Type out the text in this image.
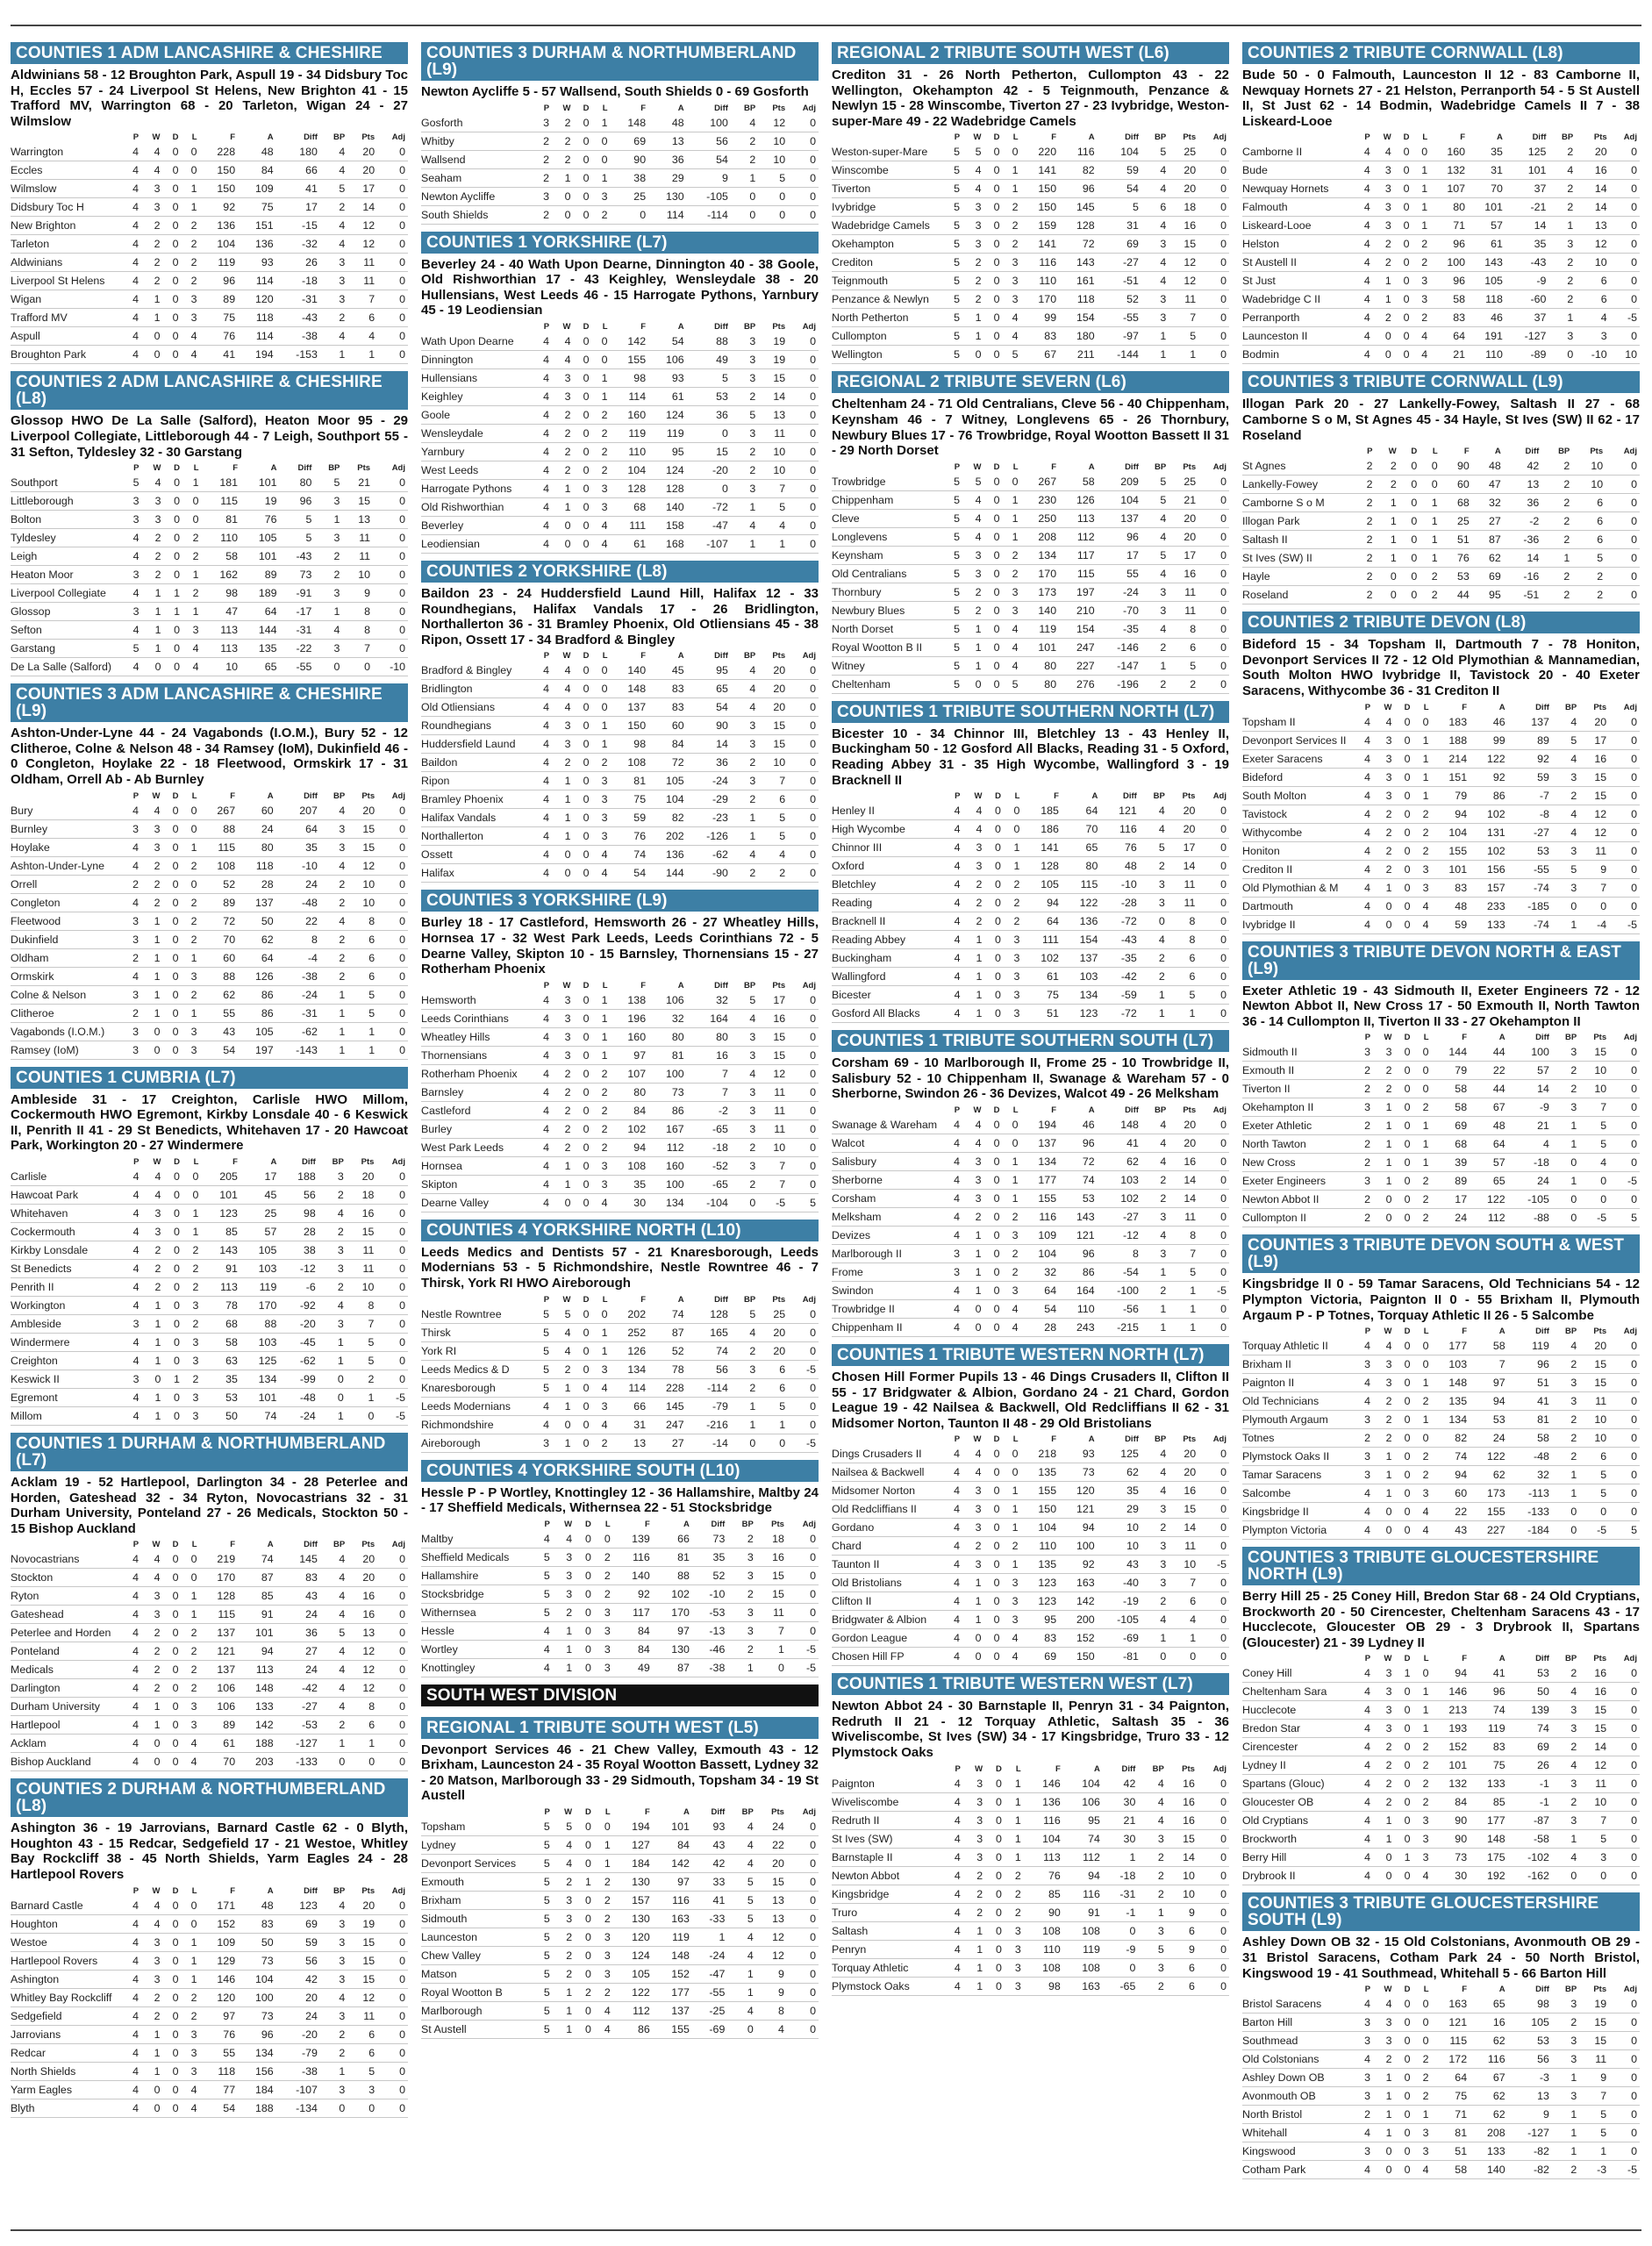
COUNTIES 1 ADM LANCASHIRE & CHESHIRE
Aldwinians 58 - 12 Broughton Park, Aspull 19 - 34 Didsbury Toc H, Eccles 57 - 24 Liverpool St Helens, New Brighton 41 - 15 Trafford MV, Warrington 68 - 20 Tarleton, Wigan 24 - 27 Wilmslow
	P	W	D	L	F	A	Diff	BP	Pts	Adj
Warrington	4	4	0	0	228	48	180	4	20	0
Eccles	4	4	0	0	150	84	66	4	20	0
Wilmslow	4	3	0	1	150	109	41	5	17	0
Didsbury Toc H	4	3	0	1	92	75	17	2	14	0
New Brighton	4	2	0	2	136	151	-15	4	12	0
Tarleton	4	2	0	2	104	136	-32	4	12	0
Aldwinians	4	2	0	2	119	93	26	3	11	0
Liverpool St Helens	4	2	0	2	96	114	-18	3	11	0
Wigan	4	1	0	3	89	120	-31	3	7	0
Trafford MV	4	1	0	3	75	118	-43	2	6	0
Aspull	4	0	0	4	76	114	-38	4	4	0
Broughton Park	4	0	0	4	41	194	-153	1	1	0
COUNTIES 2 ADM LANCASHIRE & CHESHIRE (L8)
Glossop HWO De La Salle (Salford), Heaton Moor 95 - 29 Liverpool Collegiate, Littleborough 44 - 7 Leigh, Southport 55 - 31 Sefton, Tyldesley 32 - 30 Garstang
	P	W	D	L	F	A	Diff	BP	Pts	Adj
Southport	5	4	0	1	181	101	80	5	21	0
Littleborough	3	3	0	0	115	19	96	3	15	0
Bolton	3	3	0	0	81	76	5	1	13	0
Tyldesley	4	2	0	2	110	105	5	3	11	0
Leigh	4	2	0	2	58	101	-43	2	11	0
Heaton Moor	3	2	0	1	162	89	73	2	10	0
Liverpool Collegiate	4	1	1	2	98	189	-91	3	9	0
Glossop	3	1	1	1	47	64	-17	1	8	0
Sefton	4	1	0	3	113	144	-31	4	8	0
Garstang	5	1	0	4	113	135	-22	3	7	0
De La Salle (Salford)	4	0	0	4	10	65	-55	0	0	-10
COUNTIES 3 ADM LANCASHIRE & CHESHIRE (L9)
Ashton-Under-Lyne 44 - 24 Vagabonds (I.O.M.), Bury 52 - 12 Clitheroe, Colne & Nelson 48 - 34 Ramsey (IoM), Dukinfield 46 - 0 Congleton, Hoylake 22 - 18 Fleetwood, Ormskirk 17 - 31 Oldham, Orrell Ab - Ab Burnley
	P	W	D	L	F	A	Diff	BP	Pts	Adj
Bury	4	4	0	0	267	60	207	4	20	0
Burnley	3	3	0	0	88	24	64	3	15	0
Hoylake	4	3	0	1	115	80	35	3	15	0
Ashton-Under-Lyne	4	2	0	2	108	118	-10	4	12	0
Orrell	2	2	0	0	52	28	24	2	10	0
Congleton	4	2	0	2	89	137	-48	2	10	0
Fleetwood	3	1	0	2	72	50	22	4	8	0
Dukinfield	3	1	0	2	70	62	8	2	6	0
Oldham	2	1	0	1	60	64	-4	2	6	0
Ormskirk	4	1	0	3	88	126	-38	2	6	0
Colne & Nelson	3	1	0	2	62	86	-24	1	5	0
Clitheroe	2	1	0	1	55	86	-31	1	5	0
Vagabonds (I.O.M.)	3	0	0	3	43	105	-62	1	1	0
Ramsey (IoM)	3	0	0	3	54	197	-143	1	1	0
COUNTIES 1 CUMBRIA (L7)
Ambleside 31 - 17 Creighton, Carlisle HWO Millom, Cockermouth HWO Egremont, Kirkby Lonsdale 40 - 6 Keswick II, Penrith II 41 - 29 St Benedicts, Whitehaven 17 - 20 Hawcoat Park, Workington 20 - 27 Windermere
	P	W	D	L	F	A	Diff	BP	Pts	Adj
Carlisle	4	4	0	0	205	17	188	3	20	0
Hawcoat Park	4	4	0	0	101	45	56	2	18	0
Whitehaven	4	3	0	1	123	25	98	4	16	0
Cockermouth	4	3	0	1	85	57	28	2	15	0
Kirkby Lonsdale	4	2	0	2	143	105	38	3	11	0
St Benedicts	4	2	0	2	91	103	-12	3	11	0
Penrith II	4	2	0	2	113	119	-6	2	10	0
Workington	4	1	0	3	78	170	-92	4	8	0
Ambleside	3	1	0	2	68	88	-20	3	7	0
Windermere	4	1	0	3	58	103	-45	1	5	0
Creighton	4	1	0	3	63	125	-62	1	5	0
Keswick II	3	0	1	2	35	134	-99	0	2	0
Egremont	4	1	0	3	53	101	-48	0	1	-5
Millom	4	1	0	3	50	74	-24	1	0	-5
COUNTIES 1 DURHAM & NORTHUMBERLAND (L7)
Acklam 19 - 52 Hartlepool, Darlington 34 - 28 Peterlee and Horden, Gateshead 32 - 34 Ryton, Novocastrians 32 - 31 Durham University, Ponteland 27 - 26 Medicals, Stockton 50 - 15 Bishop Auckland
	P	W	D	L	F	A	Diff	BP	Pts	Adj
Novocastrians	4	4	0	0	219	74	145	4	20	0
Stockton	4	4	0	0	170	87	83	4	20	0
Ryton	4	3	0	1	128	85	43	4	16	0
Gateshead	4	3	0	1	115	91	24	4	16	0
Peterlee and Horden	4	2	0	2	137	101	36	5	13	0
Ponteland	4	2	0	2	121	94	27	4	12	0
Medicals	4	2	0	2	137	113	24	4	12	0
Darlington	4	2	0	2	106	148	-42	4	12	0
Durham University	4	1	0	3	106	133	-27	4	8	0
Hartlepool	4	1	0	3	89	142	-53	2	6	0
Acklam	4	0	0	4	61	188	-127	1	1	0
Bishop Auckland	4	0	0	4	70	203	-133	0	0	0
COUNTIES 2 DURHAM & NORTHUMBERLAND (L8)
Ashington 36 - 19 Jarrovians, Barnard Castle 62 - 0 Blyth, Houghton 43 - 15 Redcar, Sedgefield 17 - 21 Westoe, Whitley Bay Rockcliff 38 - 45 North Shields, Yarm Eagles 24 - 28 Hartlepool Rovers
	P	W	D	L	F	A	Diff	BP	Pts	Adj
Barnard Castle	4	4	0	0	171	48	123	4	20	0
Houghton	4	4	0	0	152	83	69	3	19	0
Westoe	4	3	0	1	109	50	59	3	15	0
Hartlepool Rovers	4	3	0	1	129	73	56	3	15	0
Ashington	4	3	0	1	146	104	42	3	15	0
Whitley Bay Rockcliff	4	2	0	2	120	100	20	4	12	0
Sedgefield	4	2	0	2	97	73	24	3	11	0
Jarrovians	4	1	0	3	76	96	-20	2	6	0
Redcar	4	1	0	3	55	134	-79	2	6	0
North Shields	4	1	0	3	118	156	-38	1	5	0
Yarm Eagles	4	0	0	4	77	184	-107	3	3	0
Blyth	4	0	0	4	54	188	-134	0	0	0
COUNTIES 3 DURHAM & NORTHUMBERLAND (L9)
Newton Aycliffe 5 - 57 Wallsend, South Shields 0 - 69 Gosforth
	P	W	D	L	F	A	Diff	BP	Pts	Adj
Gosforth	3	2	0	1	148	48	100	4	12	0
Whitby	2	2	0	0	69	13	56	2	10	0
Wallsend	2	2	0	0	90	36	54	2	10	0
Seaham	2	1	0	1	38	29	9	1	5	0
Newton Aycliffe	3	0	0	3	25	130	-105	0	0	0
South Shields	2	0	0	2	0	114	-114	0	0	0
COUNTIES 1 YORKSHIRE (L7)
Beverley 24 - 40 Wath Upon Dearne, Dinnington 40 - 38 Goole, Old Rishworthian 17 - 43 Keighley, Wensleydale 38 - 20 Hullensians, West Leeds 46 - 15 Harrogate Pythons, Yarnbury 45 - 19 Leodiensian
	P	W	D	L	F	A	Diff	BP	Pts	Adj
Wath Upon Dearne	4	4	0	0	142	54	88	3	19	0
Dinnington	4	4	0	0	155	106	49	3	19	0
Hullensians	4	3	0	1	98	93	5	3	15	0
Keighley	4	3	0	1	114	61	53	2	14	0
Goole	4	2	0	2	160	124	36	5	13	0
Wensleydale	4	2	0	2	119	119	0	3	11	0
Yarnbury	4	2	0	2	110	95	15	2	10	0
West Leeds	4	2	0	2	104	124	-20	2	10	0
Harrogate Pythons	4	1	0	3	128	128	0	3	7	0
Old Rishworthian	4	1	0	3	68	140	-72	1	5	0
Beverley	4	0	0	4	111	158	-47	4	4	0
Leodiensian	4	0	0	4	61	168	-107	1	1	0
COUNTIES 2 YORKSHIRE (L8)
Baildon 23 - 24 Huddersfield Laund Hill, Halifax 12 - 33 Roundhegians, Halifax Vandals 17 - 26 Bridlington, Northallerton 36 - 31 Bramley Phoenix, Old Otliensians 45 - 38 Ripon, Ossett 17 - 34 Bradford & Bingley
	P	W	D	L	F	A	Diff	BP	Pts	Adj
Bradford & Bingley	4	4	0	0	140	45	95	4	20	0
Bridlington	4	4	0	0	148	83	65	4	20	0
Old Otliensians	4	4	0	0	137	83	54	4	20	0
Roundhegians	4	3	0	1	150	60	90	3	15	0
Huddersfield Laund	4	3	0	1	98	84	14	3	15	0
Baildon	4	2	0	2	108	72	36	2	10	0
Ripon	4	1	0	3	81	105	-24	3	7	0
Bramley Phoenix	4	1	0	3	75	104	-29	2	6	0
Halifax Vandals	4	1	0	3	59	82	-23	1	5	0
Northallerton	4	1	0	3	76	202	-126	1	5	0
Ossett	4	0	0	4	74	136	-62	4	4	0
Halifax	4	0	0	4	54	144	-90	2	2	0
COUNTIES 3 YORKSHIRE (L9)
Burley 18 - 17 Castleford, Hemsworth 26 - 27 Wheatley Hills, Hornsea 17 - 32 West Park Leeds, Leeds Corinthians 72 - 5 Dearne Valley, Skipton 10 - 15 Barnsley, Thornensians 15 - 27 Rotherham Phoenix
	P	W	D	L	F	A	Diff	BP	Pts	Adj
Hemsworth	4	3	0	1	138	106	32	5	17	0
Leeds Corinthians	4	3	0	1	196	32	164	4	16	0
Wheatley Hills	4	3	0	1	160	80	80	3	15	0
Thornensians	4	3	0	1	97	81	16	3	15	0
Rotherham Phoenix	4	2	0	2	107	100	7	4	12	0
Barnsley	4	2	0	2	80	73	7	3	11	0
Castleford	4	2	0	2	84	86	-2	3	11	0
Burley	4	2	0	2	102	167	-65	3	11	0
West Park Leeds	4	2	0	2	94	112	-18	2	10	0
Hornsea	4	1	0	3	108	160	-52	3	7	0
Skipton	4	1	0	3	35	100	-65	2	7	0
Dearne Valley	4	0	0	4	30	134	-104	0	-5	5
COUNTIES 4 YORKSHIRE NORTH (L10)
Leeds Medics and Dentists 57 - 21 Knaresborough, Leeds Modernians 53 - 5 Richmondshire, Nestle Rowntree 46 - 7 Thirsk, York RI HWO Aireborough
	P	W	D	L	F	A	Diff	BP	Pts	Adj
Nestle Rowntree	5	5	0	0	202	74	128	5	25	0
Thirsk	5	4	0	1	252	87	165	4	20	0
York RI	5	4	0	1	126	52	74	2	20	0
Leeds Medics & D	5	2	0	3	134	78	56	3	6	-5
Knaresborough	5	1	0	4	114	228	-114	2	6	0
Leeds Modernians	4	1	0	3	66	145	-79	1	5	0
Richmondshire	4	0	0	4	31	247	-216	1	1	0
Aireborough	3	1	0	2	13	27	-14	0	0	-5
COUNTIES 4 YORKSHIRE SOUTH (L10)
Hessle P - P Wortley, Knottingley 12 - 36 Hallamshire, Maltby 24 - 17 Sheffield Medicals, Withernsea 22 - 51 Stocksbridge
	P	W	D	L	F	A	Diff	BP	Pts	Adj
Maltby	4	4	0	0	139	66	73	2	18	0
Sheffield Medicals	5	3	0	2	116	81	35	3	16	0
Hallamshire	5	3	0	2	140	88	52	3	15	0
Stocksbridge	5	3	0	2	92	102	-10	2	15	0
Withernsea	5	2	0	3	117	170	-53	3	11	0
Hessle	4	1	0	3	84	97	-13	3	7	0
Wortley	4	1	0	3	84	130	-46	2	1	-5
Knottingley	4	1	0	3	49	87	-38	1	0	-5
SOUTH WEST DIVISION
REGIONAL 1 TRIBUTE SOUTH WEST (L5)
Devonport Services 46 - 21 Chew Valley, Exmouth 43 - 12 Brixham, Launceston 24 - 35 Royal Wootton Bassett, Lydney 32 - 20 Matson, Marlborough 33 - 29 Sidmouth, Topsham 34 - 19 St Austell
	P	W	D	L	F	A	Diff	BP	Pts	Adj
Topsham	5	5	0	0	194	101	93	4	24	0
Lydney	5	4	0	1	127	84	43	4	22	0
Devonport Services	5	4	0	1	184	142	42	4	20	0
Exmouth	5	2	1	2	130	97	33	5	15	0
Brixham	5	3	0	2	157	116	41	5	13	0
Sidmouth	5	3	0	2	130	163	-33	5	13	0
Launceston	5	2	0	3	120	119	1	4	12	0
Chew Valley	5	2	0	3	124	148	-24	4	12	0
Matson	5	2	0	3	105	152	-47	1	9	0
Royal Wootton B	5	1	2	2	122	177	-55	1	9	0
Marlborough	5	1	0	4	112	137	-25	4	8	0
St Austell	5	1	0	4	86	155	-69	0	4	0
REGIONAL 2 TRIBUTE SOUTH WEST (L6)
Crediton 31 - 26 North Petherton, Cullompton 43 - 22 Wellington, Okehampton 42 - 5 Teignmouth, Penzance & Newlyn 15 - 28 Winscombe, Tiverton 27 - 23 Ivybridge, Weston-super-Mare 49 - 22 Wadebridge Camels
	P	W	D	L	F	A	Diff	BP	Pts	Adj
Weston-super-Mare	5	5	0	0	220	116	104	5	25	0
Winscombe	5	4	0	1	141	82	59	4	20	0
Tiverton	5	4	0	1	150	96	54	4	20	0
Ivybridge	5	3	0	2	150	145	5	6	18	0
Wadebridge Camels	5	3	0	2	159	128	31	4	16	0
Okehampton	5	3	0	2	141	72	69	3	15	0
Crediton	5	2	0	3	116	143	-27	4	12	0
Teignmouth	5	2	0	3	110	161	-51	4	12	0
Penzance & Newlyn	5	2	0	3	170	118	52	3	11	0
North Petherton	5	1	0	4	99	154	-55	3	7	0
Cullompton	5	1	0	4	83	180	-97	1	5	0
Wellington	5	0	0	5	67	211	-144	1	1	0
REGIONAL 2 TRIBUTE SEVERN (L6)
Cheltenham 24 - 71 Old Centralians, Cleve 56 - 40 Chippenham, Keynsham 46 - 7 Witney, Longlevens 65 - 26 Thornbury, Newbury Blues 17 - 76 Trowbridge, Royal Wootton Bassett II 31 - 29 North Dorset
	P	W	D	L	F	A	Diff	BP	Pts	Adj
Trowbridge	5	5	0	0	267	58	209	5	25	0
Chippenham	5	4	0	1	230	126	104	5	21	0
Cleve	5	4	0	1	250	113	137	4	20	0
Longlevens	5	4	0	1	208	112	96	4	20	0
Keynsham	5	3	0	2	134	117	17	5	17	0
Old Centralians	5	3	0	2	170	115	55	4	16	0
Thornbury	5	2	0	3	173	197	-24	3	11	0
Newbury Blues	5	2	0	3	140	210	-70	3	11	0
North Dorset	5	1	0	4	119	154	-35	4	8	0
Royal Wootton B II	5	1	0	4	101	247	-146	2	6	0
Witney	5	1	0	4	80	227	-147	1	5	0
Cheltenham	5	0	0	5	80	276	-196	2	2	0
COUNTIES 1 TRIBUTE SOUTHERN NORTH (L7)
Bicester 10 - 34 Chinnor III, Bletchley 13 - 43 Henley II, Buckingham 50 - 12 Gosford All Blacks, Reading 31 - 5 Oxford, Reading Abbey 31 - 35 High Wycombe, Wallingford 3 - 19 Bracknell II
	P	W	D	L	F	A	Diff	BP	Pts	Adj
Henley II	4	4	0	0	185	64	121	4	20	0
High Wycombe	4	4	0	0	186	70	116	4	20	0
Chinnor III	4	3	0	1	141	65	76	5	17	0
Oxford	4	3	0	1	128	80	48	2	14	0
Bletchley	4	2	0	2	105	115	-10	3	11	0
Reading	4	2	0	2	94	122	-28	3	11	0
Bracknell II	4	2	0	2	64	136	-72	0	8	0
Reading Abbey	4	1	0	3	111	154	-43	4	8	0
Buckingham	4	1	0	3	102	137	-35	2	6	0
Wallingford	4	1	0	3	61	103	-42	2	6	0
Bicester	4	1	0	3	75	134	-59	1	5	0
Gosford All Blacks	4	1	0	3	51	123	-72	1	1	0
COUNTIES 1 TRIBUTE SOUTHERN SOUTH (L7)
Corsham 69 - 10 Marlborough II, Frome 25 - 10 Trowbridge II, Salisbury 52 - 10 Chippenham II, Swanage & Wareham 57 - 0 Sherborne, Swindon 26 - 36 Devizes, Walcot 49 - 26 Melksham
	P	W	D	L	F	A	Diff	BP	Pts	Adj
Swanage & Wareham	4	4	0	0	194	46	148	4	20	0
Walcot	4	4	0	0	137	96	41	4	20	0
Salisbury	4	3	0	1	134	72	62	4	16	0
Sherborne	4	3	0	1	177	74	103	2	14	0
Corsham	4	3	0	1	155	53	102	2	14	0
Melksham	4	2	0	2	116	143	-27	3	11	0
Devizes	4	1	0	3	109	121	-12	4	8	0
Marlborough II	3	1	0	2	104	96	8	3	7	0
Frome	3	1	0	2	32	86	-54	1	5	0
Swindon	4	1	0	3	64	164	-100	2	1	-5
Trowbridge II	4	0	0	4	54	110	-56	1	1	0
Chippenham II	4	0	0	4	28	243	-215	1	1	0
COUNTIES 1 TRIBUTE WESTERN NORTH (L7)
Chosen Hill Former Pupils 13 - 46 Dings Crusaders II, Clifton II 55 - 17 Bridgwater & Albion, Gordano 24 - 21 Chard, Gordon League 19 - 42 Nailsea & Backwell, Old Redcliffians II 62 - 31 Midsomer Norton, Taunton II 48 - 29 Old Bristolians
	P	W	D	L	F	A	Diff	BP	Pts	Adj
Dings Crusaders II	4	4	0	0	218	93	125	4	20	0
Nailsea & Backwell	4	4	0	0	135	73	62	4	20	0
Midsomer Norton	4	3	0	1	155	120	35	4	16	0
Old Redcliffians II	4	3	0	1	150	121	29	3	15	0
Gordano	4	3	0	1	104	94	10	2	14	0
Chard	4	2	0	2	110	100	10	3	11	0
Taunton II	4	3	0	1	135	92	43	3	10	-5
Old Bristolians	4	1	0	3	123	163	-40	3	7	0
Clifton II	4	1	0	3	123	142	-19	2	6	0
Bridgwater & Albion	4	1	0	3	95	200	-105	4	4	0
Gordon League	4	0	0	4	83	152	-69	1	1	0
Chosen Hill FP	4	0	0	4	69	150	-81	0	0	0
COUNTIES 1 TRIBUTE WESTERN WEST (L7)
Newton Abbot 24 - 30 Barnstaple II, Penryn 31 - 34 Paignton, Redruth II 21 - 12 Torquay Athletic, Saltash 35 - 36 Wiveliscombe, St Ives (SW) 34 - 17 Kingsbridge, Truro 33 - 12 Plymstock Oaks
	P	W	D	L	F	A	Diff	BP	Pts	Adj
Paignton	4	3	0	1	146	104	42	4	16	0
Wiveliscombe	4	3	0	1	136	106	30	4	16	0
Redruth II	4	3	0	1	116	95	21	4	16	0
St Ives (SW)	4	3	0	1	104	74	30	3	15	0
Barnstaple II	4	3	0	1	113	112	1	2	14	0
Newton Abbot	4	2	0	2	76	94	-18	2	10	0
Kingsbridge	4	2	0	2	85	116	-31	2	10	0
Truro	4	2	0	2	90	91	-1	1	9	0
Saltash	4	1	0	3	108	108	0	3	6	0
Penryn	4	1	0	3	110	119	-9	5	9	0
Torquay Athletic	4	1	0	3	108	108	0	3	6	0
Plymstock Oaks	4	1	0	3	98	163	-65	2	6	0
COUNTIES 2 TRIBUTE CORNWALL (L8)
Bude 50 - 0 Falmouth, Launceston II 12 - 83 Camborne II, Newquay Hornets 27 - 21 Helston, Perranporth 54 - 5 St Austell II, St Just 62 - 14 Bodmin, Wadebridge Camels II 7 - 38 Liskeard-Looe
	P	W	D	L	F	A	Diff	BP	Pts	Adj
Camborne II	4	4	0	0	160	35	125	2	20	0
Bude	4	3	0	1	132	31	101	4	16	0
Newquay Hornets	4	3	0	1	107	70	37	2	14	0
Falmouth	4	3	0	1	80	101	-21	2	14	0
Liskeard-Looe	4	3	0	1	71	57	14	1	13	0
Helston	4	2	0	2	96	61	35	3	12	0
St Austell II	4	2	0	2	100	143	-43	2	10	0
St Just	4	1	0	3	96	105	-9	2	6	0
Wadebridge C II	4	1	0	3	58	118	-60	2	6	0
Perranporth	4	2	0	2	83	46	37	1	4	-5
Launceston II	4	0	0	4	64	191	-127	3	3	0
Bodmin	4	0	0	4	21	110	-89	0	-10	10
COUNTIES 3 TRIBUTE CORNWALL (L9)
Illogan Park 20 - 27 Lankelly-Fowey, Saltash II 27 - 68 Camborne S o M, St Agnes 45 - 34 Hayle, St Ives (SW) II 62 - 17 Roseland
	P	W	D	L	F	A	Diff	BP	Pts	Adj
St Agnes	2	2	0	0	90	48	42	2	10	0
Lankelly-Fowey	2	2	0	0	60	47	13	2	10	0
Camborne S o M	2	1	0	1	68	32	36	2	6	0
Illogan Park	2	1	0	1	25	27	-2	2	6	0
Saltash II	2	1	0	1	51	87	-36	2	6	0
St Ives (SW) II	2	1	0	1	76	62	14	1	5	0
Hayle	2	0	0	2	53	69	-16	2	2	0
Roseland	2	0	0	2	44	95	-51	2	2	0
COUNTIES 2 TRIBUTE DEVON (L8)
Bideford 15 - 34 Topsham II, Dartmouth 7 - 78 Honiton, Devonport Services II 72 - 12 Old Plymothian & Mannamedian, South Molton HWO Ivybridge II, Tavistock 20 - 40 Exeter Saracens, Withycombe 36 - 31 Crediton II
	P	W	D	L	F	A	Diff	BP	Pts	Adj
Topsham II	4	4	0	0	183	46	137	4	20	0
Devonport Services II	4	3	0	1	188	99	89	5	17	0
Exeter Saracens	4	3	0	1	214	122	92	4	16	0
Bideford	4	3	0	1	151	92	59	3	15	0
South Molton	4	3	0	1	79	86	-7	2	15	0
Tavistock	4	2	0	2	94	102	-8	4	12	0
Withycombe	4	2	0	2	104	131	-27	4	12	0
Honiton	4	2	0	2	155	102	53	3	11	0
Crediton II	4	2	0	3	101	156	-55	5	9	0
Old Plymothian & M	4	1	0	3	83	157	-74	3	7	0
Dartmouth	4	0	0	4	48	233	-185	0	0	0
Ivybridge II	4	0	0	4	59	133	-74	1	-4	-5
COUNTIES 3 TRIBUTE DEVON NORTH & EAST (L9)
Exeter Athletic 19 - 43 Sidmouth II, Exeter Engineers 72 - 12 Newton Abbot II, New Cross 17 - 50 Exmouth II, North Tawton 36 - 14 Cullompton II, Tiverton II 33 - 27 Okehampton II
	P	W	D	L	F	A	Diff	BP	Pts	Adj
Sidmouth II	3	3	0	0	144	44	100	3	15	0
Exmouth II	2	2	0	0	79	22	57	2	10	0
Tiverton II	2	2	0	0	58	44	14	2	10	0
Okehampton II	3	1	0	2	58	67	-9	3	7	0
Exeter Athletic	2	1	0	1	69	48	21	1	5	0
North Tawton	2	1	0	1	68	64	4	1	5	0
New Cross	2	1	0	1	39	57	-18	0	4	0
Exeter Engineers	3	1	0	2	89	65	24	1	0	-5
Newton Abbot II	2	0	0	2	17	122	-105	0	0	0
Cullompton II	2	0	0	2	24	112	-88	0	-5	5
COUNTIES 3 TRIBUTE DEVON SOUTH & WEST (L9)
Kingsbridge II 0 - 59 Tamar Saracens, Old Technicians 54 - 12 Plympton Victoria, Paignton II 0 - 55 Brixham II, Plymouth Argaum P - P Totnes, Torquay Athletic II 26 - 5 Salcombe
	P	W	D	L	F	A	Diff	BP	Pts	Adj
Torquay Athletic II	4	4	0	0	177	58	119	4	20	0
Brixham II	3	3	0	0	103	7	96	2	15	0
Paignton II	4	3	0	1	148	97	51	3	15	0
Old Technicians	4	2	0	2	135	94	41	3	11	0
Plymouth Argaum	3	2	0	1	134	53	81	2	10	0
Totnes	2	2	0	0	82	24	58	2	10	0
Plymstock Oaks II	3	1	0	2	74	122	-48	2	6	0
Tamar Saracens	3	1	0	2	94	62	32	1	5	0
Salcombe	4	1	0	3	60	173	-113	1	5	0
Kingsbridge II	4	0	0	4	22	155	-133	0	0	0
Plympton Victoria	4	0	0	4	43	227	-184	0	-5	5
COUNTIES 3 TRIBUTE GLOUCESTERSHIRE NORTH (L9)
Berry Hill 25 - 25 Coney Hill, Bredon Star 68 - 24 Old Cryptians, Brockworth 20 - 50 Cirencester, Cheltenham Saracens 43 - 17 Hucclecote, Gloucester OB 29 - 3 Drybrook II, Spartans (Gloucester) 21 - 39 Lydney II
	P	W	D	L	F	A	Diff	BP	Pts	Adj
Coney Hill	4	3	1	0	94	41	53	2	16	0
Cheltenham Sara	4	3	0	1	146	96	50	4	16	0
Hucclecote	4	3	0	1	213	74	139	3	15	0
Bredon Star	4	3	0	1	193	119	74	3	15	0
Cirencester	4	2	0	2	152	83	69	2	14	0
Lydney II	4	2	0	2	101	75	26	4	12	0
Spartans (Glouc)	4	2	0	2	132	133	-1	3	11	0
Gloucester OB	4	2	0	2	84	85	-1	2	10	0
Old Cryptians	4	1	0	3	90	177	-87	3	7	0
Brockworth	4	1	0	3	90	148	-58	1	5	0
Berry Hill	4	0	1	3	73	175	-102	4	3	0
Drybrook II	4	0	0	4	30	192	-162	0	0	0
COUNTIES 3 TRIBUTE GLOUCESTERSHIRE SOUTH (L9)
Ashley Down OB 32 - 15 Old Colstonians, Avonmouth OB 29 - 31 Bristol Saracens, Cotham Park 24 - 50 North Bristol, Kingswood 19 - 41 Southmead, Whitehall 5 - 66 Barton Hill
	P	W	D	L	F	A	Diff	BP	Pts	Adj
Bristol Saracens	4	4	0	0	163	65	98	3	19	0
Barton Hill	3	3	0	0	121	16	105	2	15	0
Southmead	3	3	0	0	115	62	53	3	15	0
Old Colstonians	4	2	0	2	172	116	56	3	11	0
Ashley Down OB	3	1	0	2	64	67	-3	1	9	0
Avonmouth OB	3	1	0	2	75	62	13	3	7	0
North Bristol	2	1	0	1	71	62	9	1	5	0
Whitehall	4	1	0	3	81	208	-127	1	5	0
Kingswood	3	0	0	3	51	133	-82	1	1	0
Cotham Park	4	0	0	4	58	140	-82	2	-3	-5
